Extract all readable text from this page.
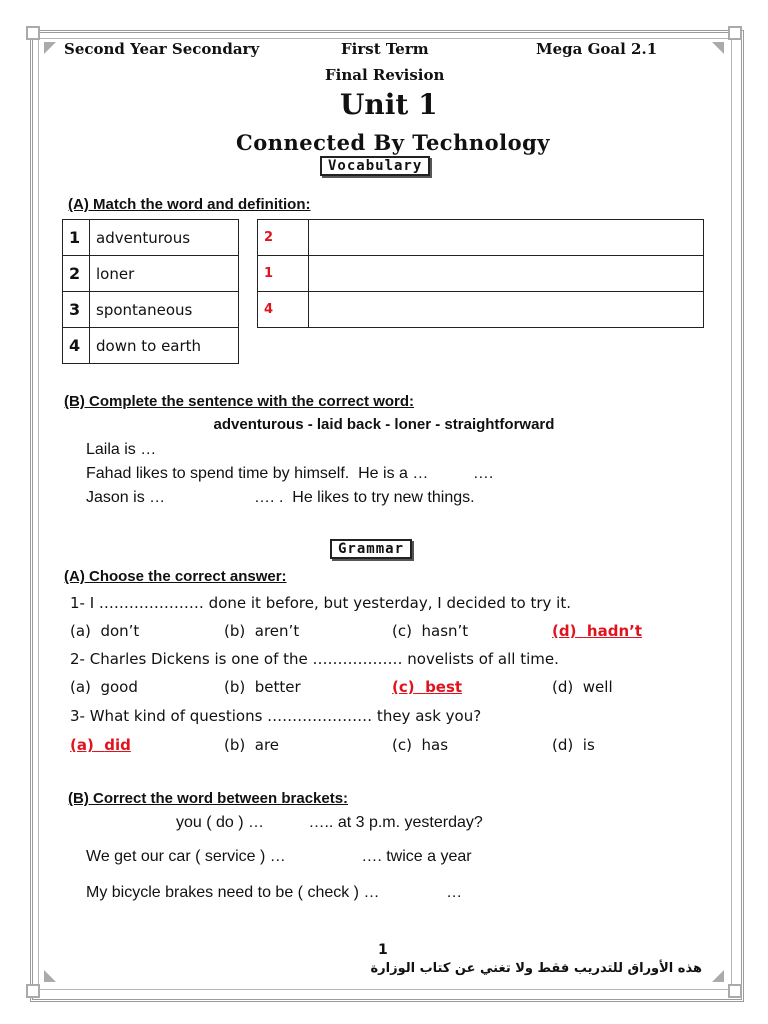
Second Year Secondary	First Term	Mega Goal 2.1
Final Revision
Unit 1
Connected By Technology
Vocabulary
(A) Match the word and definition:
1	adventurous
2	loner
3	spontaneous
4	down to earth
2	
1	
4	
(B) Complete the sentence with the correct word:
adventurous - laid back - loner - straightforward
Laila is …
Fahad likes to spend time by himself.  He is a …          ….
Jason is …                    …. .  He likes to try new things.
Grammar
(A) Choose the correct answer:
1- I ………………… done it before, but yesterday, I decided to try it.
(a) don’t	(b) aren’t	(c) hasn’t	(d) hadn’t
2- Charles Dickens is one of the ……………… novelists of all time.
(a) good	(b) better	(c) best	(d) well
3- What kind of questions ………………… they ask you?
(a) did	(b) are	(c) has	(d) is
(B) Correct the word between brackets:
you ( do ) …          ….. at 3 p.m. yesterday?
We get our car ( service ) …                 …. twice a year
My bicycle brakes need to be ( check ) …               …
1
هذه الأوراق للتدريب فقط ولا تغني عن كتاب الوزارة
